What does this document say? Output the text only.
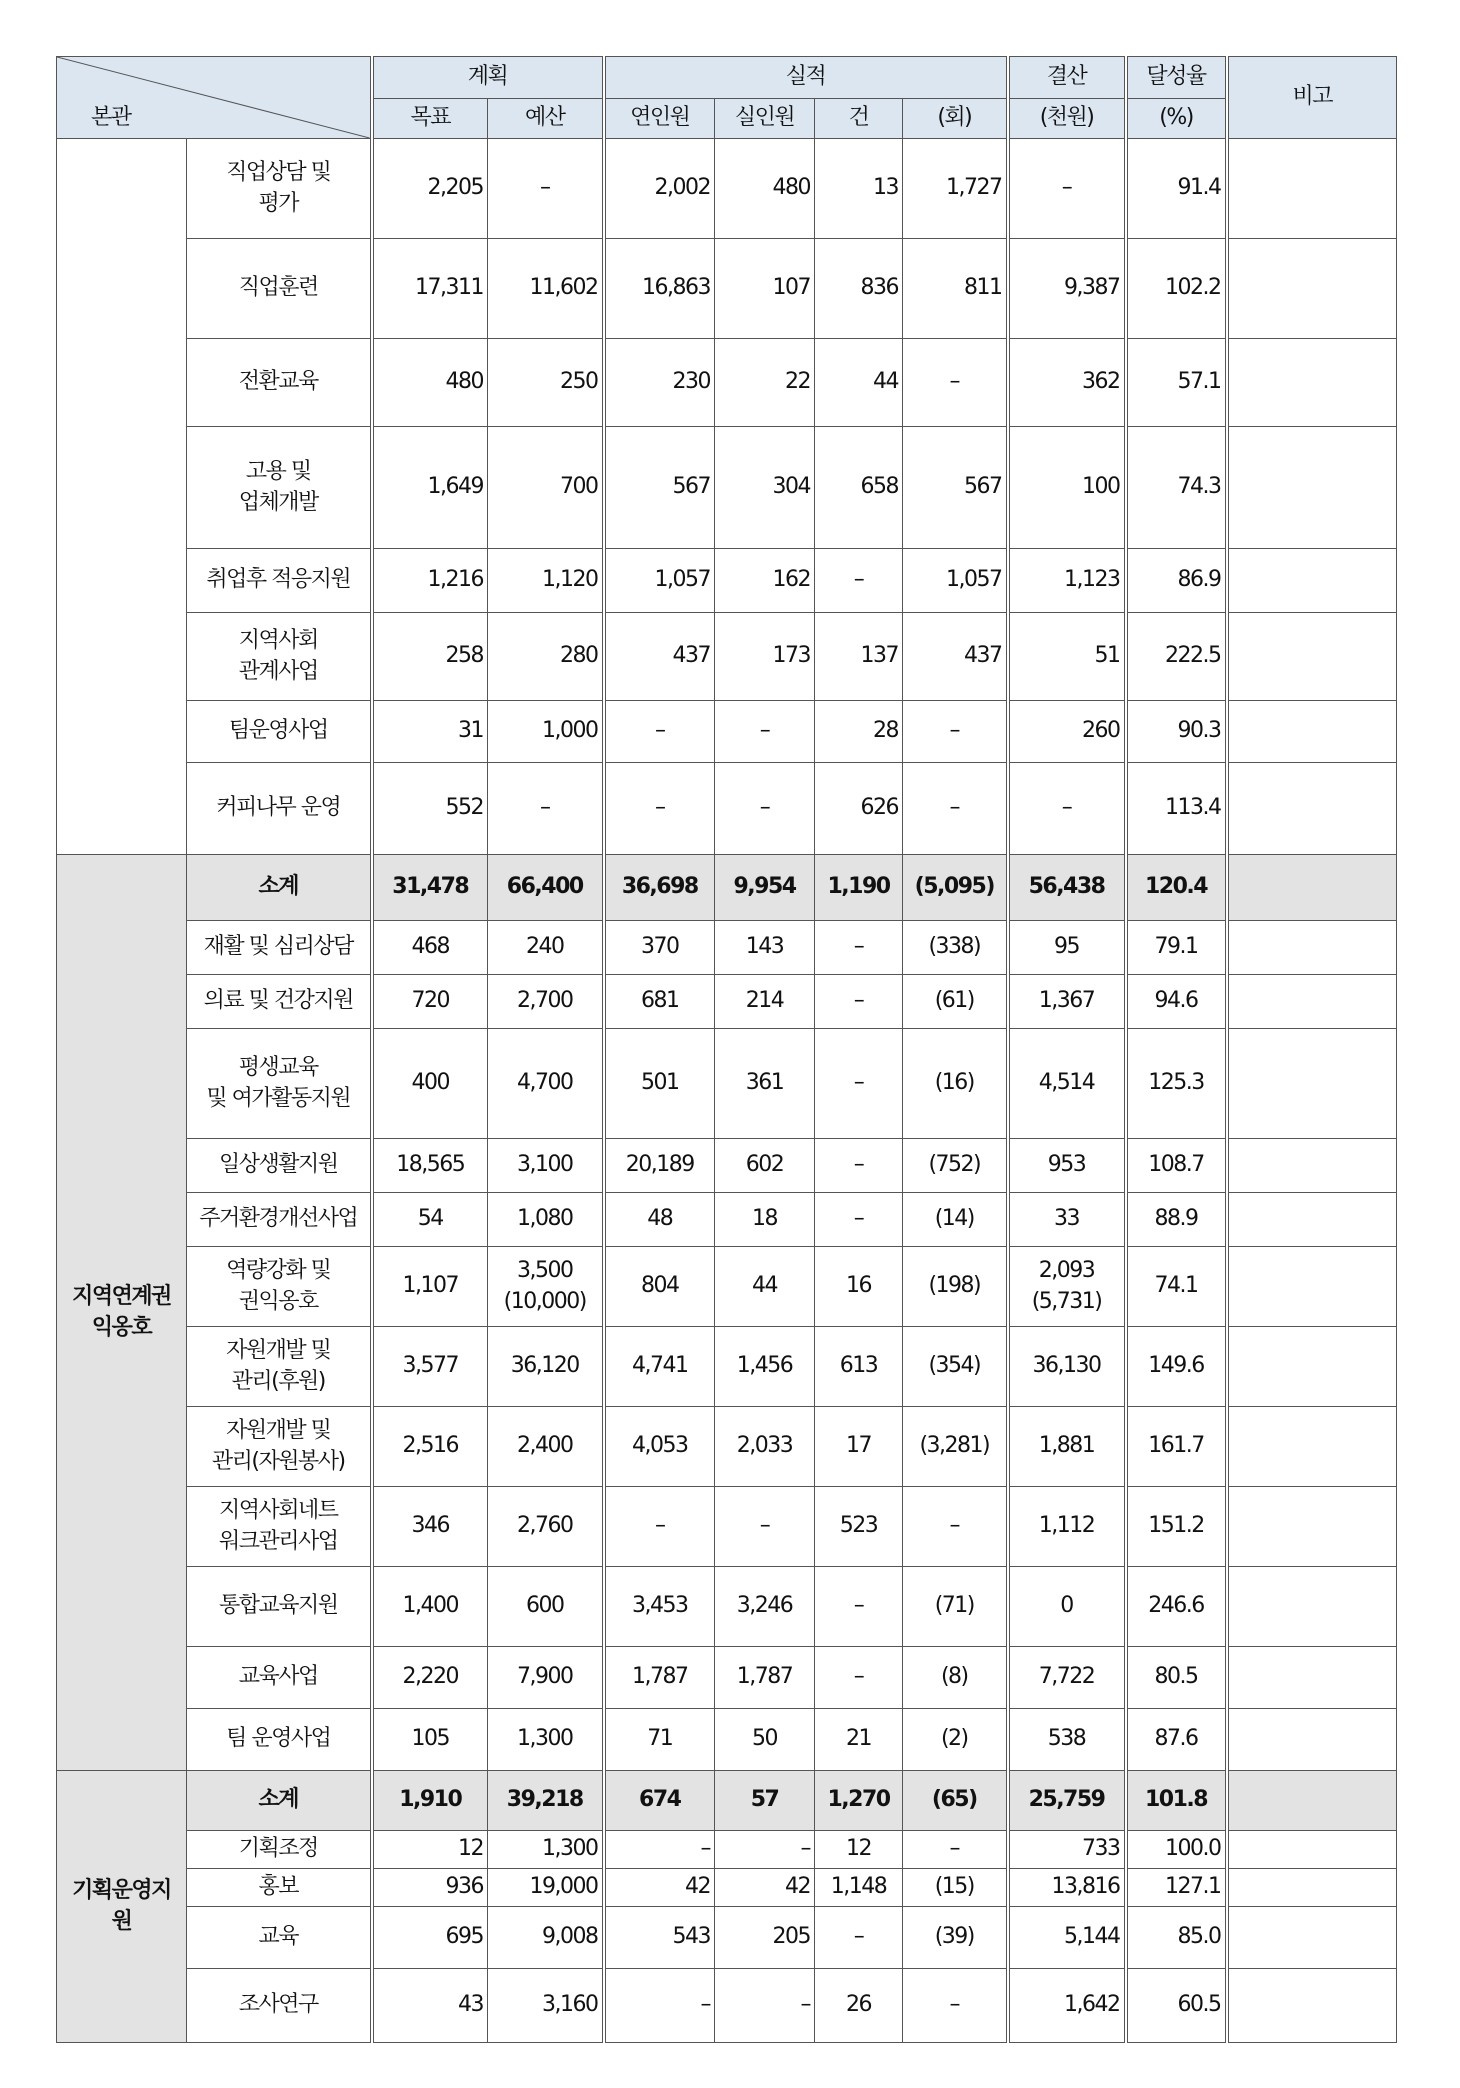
본관		계획		실적				결산	달성율	비고
		목표	예산	연인원	실인원	건	(회)	(천원)	(%)	

	직업상담 및
평가	2,205	–	2,002	480	13	1,727	–	91.4	

	직업훈련	17,311	11,602	16,863	107	836	811	9,387	102.2	

	전환교육	480	250	230	22	44	–	362	57.1	

	고용 및
업체개발	1,649	700	567	304	658	567	100	74.3	

	취업후 적응지원	1,216	1,120	1,057	162	–	1,057	1,123	86.9	

	지역사회
관계사업	258	280	437	173	137	437	51	222.5	

	팀운영사업	31	1,000	–	–	28	–	260	90.3	

	커피나무 운영	552	–	–	–	626	–	–	113.4	

지역연계권
익옹호	소계	31,478	66,400	36,698	9,954	1,190	(5,095)	56,438	120.4	

	재활 및 심리상담	468	240	370	143	–	(338)	95	79.1	

	의료 및 건강지원	720	2,700	681	214	–	(61)	1,367	94.6	

	평생교육
및 여가활동지원	400	4,700	501	361	–	(16)	4,514	125.3	

	일상생활지원	18,565	3,100	20,189	602	–	(752)	953	108.7	

	주거환경개선사업	54	1,080	48	18	–	(14)	33	88.9	

	역량강화 및
권익옹호	1,107	3,500
(10,000)	804	44	16	(198)	2,093
(5,731)	74.1	

	자원개발 및
관리(후원)	3,577	36,120	4,741	1,456	613	(354)	36,130	149.6	

	자원개발 및
관리(자원봉사)	2,516	2,400	4,053	2,033	17	(3,281)	1,881	161.7	

	지역사회네트
워크관리사업	346	2,760	–	–	523	–	1,112	151.2	

	통합교육지원	1,400	600	3,453	3,246	–	(71)	0	246.6	

	교육사업	2,220	7,900	1,787	1,787	–	(8)	7,722	80.5	

	팀 운영사업	105	1,300	71	50	21	(2)	538	87.6	

기획운영지
원	소계	1,910	39,218	674	57	1,270	(65)	25,759	101.8	

	기획조정	12	1,300	–	–	12	–	733	100.0	

	홍보	936	19,000	42	42	1,148	(15)	13,816	127.1	

	교육	695	9,008	543	205	–	(39)	5,144	85.0	

	조사연구	43	3,160	–	–	26	–	1,642	60.5	
